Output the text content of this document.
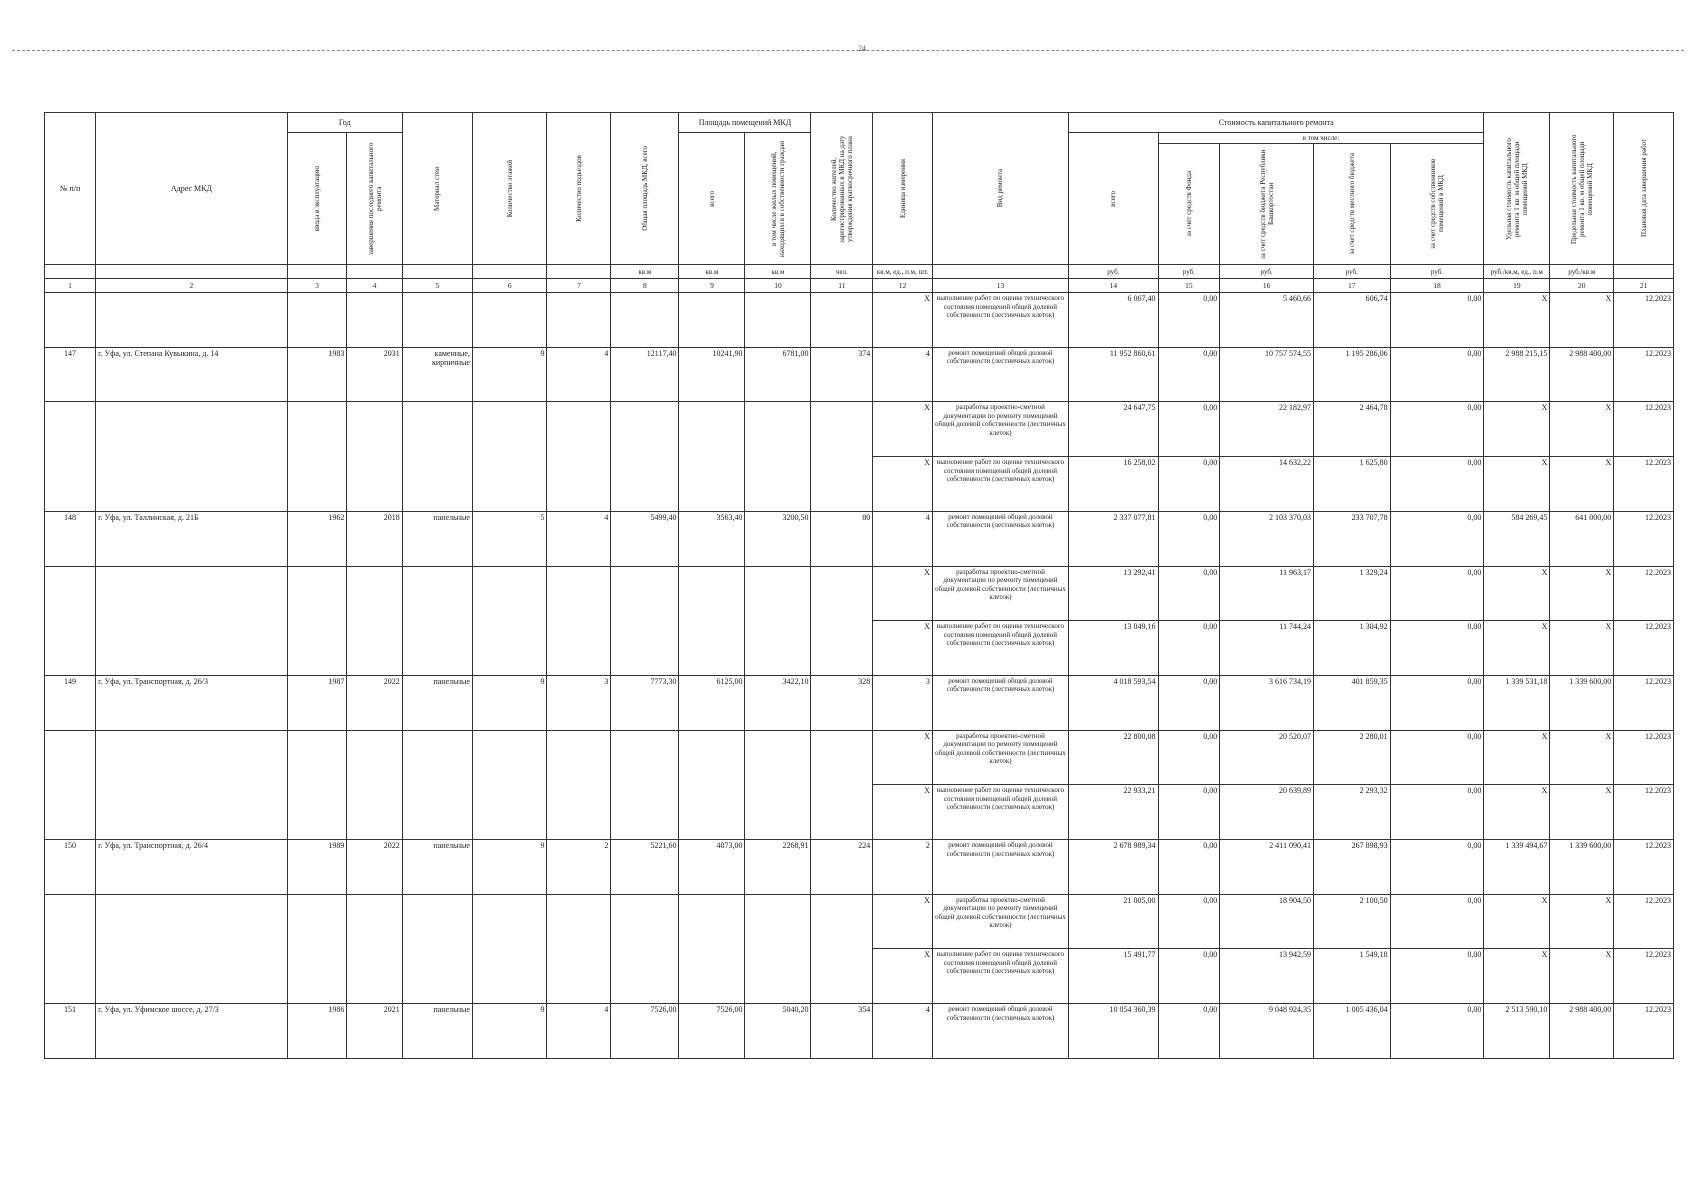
24
№ п/п	Адрес МКД	Год		Материал стен	Количество этажей	Количество подъездов	Общая площадь МКД, всего	Площадь помещений МКД		Количество жителей, зарегистрированных в МКД на дату утверждения краткосрочного плана	Единица измерения	Вид ремонта	Стоимость капитального ремонта					Удельная стоимость капитального ремонта 1 кв. м общей площади помещений МКД	Предельная стоимость капитального ремонта 1 кв. м общей площади помещений МКД	Плановая дата завершения работ

		ввода в эксплуатацию	завершения последнего капитального ремонта					всего	в том числе жилых помещений, находящихся в собственности граждан				всего	в том числе:						

														за счет средств Фонда	за счет средств бюджета Республики Башкортостан	за счет средств местного бюджета	за счет средств собственников помещений в МКД			

							кв.м	кв.м	кв.м	чел.	кв.м, ед., п.м, шт.		руб.	руб.	руб.	руб.	руб.	руб./кв.м, ед., п.м	руб./кв.м	
1	2	3	4	5	6	7	8	9	10	11	12	13	14	15	16	17	18	19	20	21
											X	выполнение работ по оценке технического состояния помещений общей долевой собственности (лестничных клеток)	6 067,40	0,00	5 460,66	606,74	0,00	X	X	12.2023
147	г. Уфа, ул. Степана Кувыкина, д. 14	1983	2031	каменные, кирпичные	9	4	12117,40	10241,90	6781,00	374	4	ремонт помещений общей долевой собственности (лестничных клеток)	11 952 860,61	0,00	10 757 574,55	1 195 286,06	0,00	2 988 215,15	2 988 400,00	12.2023
											X	разработка проектно-сметной документации по ремонту помещений общей долевой собственности (лестничных клеток)	24 647,75	0,00	22 182,97	2 464,78	0,00	X	X	12.2023
											X	выполнение работ по оценке технического состояния помещений общей долевой собственности (лестничных клеток)	16 258,02	0,00	14 632,22	1 625,80	0,00	X	X	12.2023
148	г. Уфа, ул. Таллинская, д. 21Б	1962	2018	панельные	5	4	5499,40	3563,40	3200,50	80	4	ремонт помещений общей долевой собственности (лестничных клеток)	2 337 077,81	0,00	2 103 370,03	233 707,78	0,00	584 269,45	641 000,00	12.2023
											X	разработка проектно-сметной документации по ремонту помещений общей долевой собственности (лестничных клеток)	13 292,41	0,00	11 963,17	1 329,24	0,00	X	X	12.2023
											X	выполнение работ по оценке технического состояния помещений общей долевой собственности (лестничных клеток)	13 049,16	0,00	11 744,24	1 304,92	0,00	X	X	12.2023
149	г. Уфа, ул. Транспортная, д. 26/3	1987	2022	панельные	9	3	7773,30	6125,00	3422,10	328	3	ремонт помещений общей долевой собственности (лестничных клеток)	4 018 593,54	0,00	3 616 734,19	401 859,35	0,00	1 339 531,18	1 339 600,00	12.2023
											X	разработка проектно-сметной документации по ремонту помещений общей долевой собственности (лестничных клеток)	22 800,08	0,00	20 520,07	2 280,01	0,00	X	X	12.2023
											X	выполнение работ по оценке технического состояния помещений общей долевой собственности (лестничных клеток)	22 933,21	0,00	20 639,89	2 293,32	0,00	X	X	12.2023
150	г. Уфа, ул. Транспортная, д. 26/4	1989	2022	панельные	9	2	5221,60	4073,00	2268,91	224	2	ремонт помещений общей долевой собственности (лестничных клеток)	2 678 989,34	0,00	2 411 090,41	267 898,93	0,00	1 339 494,67	1 339 600,00	12.2023
											X	разработка проектно-сметной документации по ремонту помещений общей долевой собственности (лестничных клеток)	21 005,00	0,00	18 904,50	2 100,50	0,00	X	X	12.2023
											X	выполнение работ по оценке технического состояния помещений общей долевой собственности (лестничных клеток)	15 491,77	0,00	13 942,59	1 549,18	0,00	X	X	12.2023
151	г. Уфа, ул. Уфимское шоссе, д. 27/3	1986	2021	панельные	9	4	7526,00	7526,00	5040,20	354	4	ремонт помещений общей долевой собственности (лестничных клеток)	10 054 360,39	0,00	9 048 924,35	1 005 436,04	0,00	2 513 590,10	2 988 400,00	12.2023
